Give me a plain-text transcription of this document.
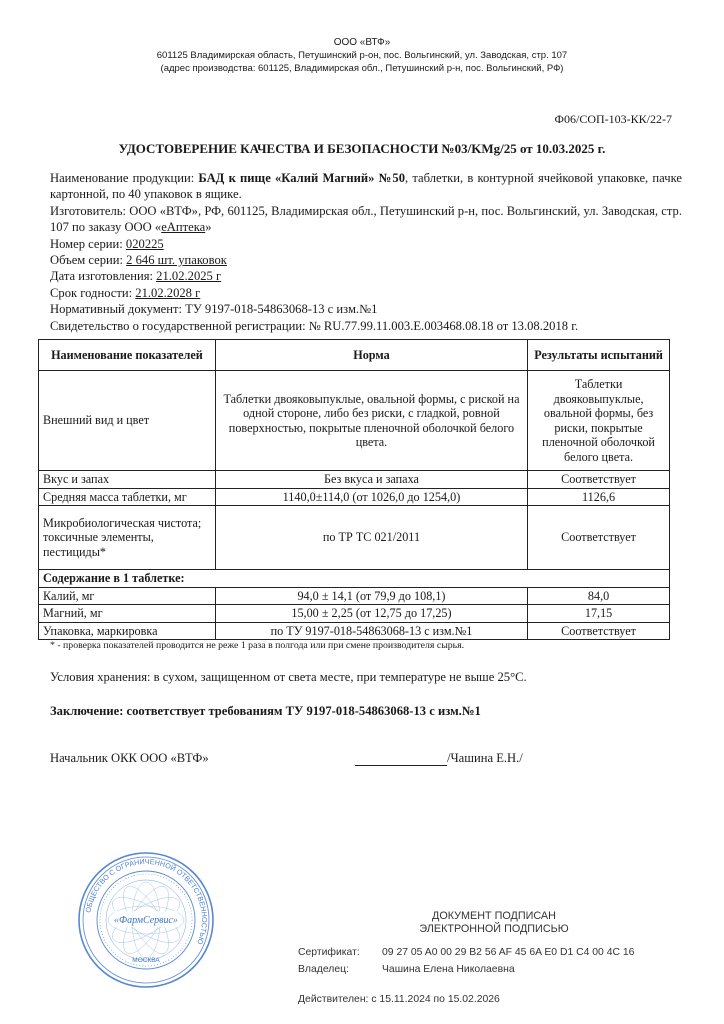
ООО «ВТФ»
601125 Владимирская область, Петушинский р-он, пос. Вольгинский, ул. Заводская, стр. 107
(адрес производства: 601125, Владимирская обл., Петушинский р-н, пос. Вольгинский, РФ)
Ф06/СОП-103-КК/22-7
УДОСТОВЕРЕНИЕ КАЧЕСТВА И БЕЗОПАСНОСТИ №03/KMg/25 от 10.03.2025 г.
Наименование продукции: БАД к пище «Калий Магний» №50, таблетки, в контурной ячейковой упаковке, пачке картонной, по 40 упаковок в ящике.
Изготовитель: ООО «ВТФ», РФ, 601125, Владимирская обл., Петушинский р-н, пос. Вольгинский, ул. Заводская, стр. 107 по заказу ООО «еАптека»
Номер серии: 020225
Объем серии: 2 646 шт. упаковок
Дата изготовления: 21.02.2025 г
Срок годности: 21.02.2028 г
Нормативный документ: ТУ 9197-018-54863068-13 с изм.№1
Свидетельство о государственной регистрации: № RU.77.99.11.003.Е.003468.08.18 от 13.08.2018 г.
Наименование показателей	Норма	Результаты испытаний
Внешний вид и цвет	Таблетки двояковыпуклые, овальной формы, с риской на одной стороне, либо без риски, с гладкой, ровной поверхностью, покрытые пленочной оболочкой белого цвета.	Таблетки двояковыпуклые, овальной формы, без риски, покрытые пленочной оболочкой белого цвета.
Вкус и запах	Без вкуса и запаха	Соответствует
Средняя масса таблетки, мг	1140,0±114,0 (от 1026,0 до 1254,0)	1126,6
Микробиологическая чистота; токсичные элементы, пестициды*	по ТР ТС 021/2011	Соответствует
Содержание в 1 таблетке:		
Калий, мг	94,0 ± 14,1 (от 79,9 до 108,1)	84,0
Магний, мг	15,00 ± 2,25 (от 12,75 до 17,25)	17,15
Упаковка, маркировка	по ТУ 9197-018-54863068-13 с изм.№1	Соответствует
* - проверка показателей проводится не реже 1 раза в полгода или при смене производителя сырья.
Условия хранения: в сухом, защищенном от света месте, при температуре не выше 25°С.
Заключение: соответствует требованиям ТУ 9197-018-54863068-13 с изм.№1
Начальник ОКК ООО «ВТФ»	/Чашина Е.Н./
ОБЩЕСТВО С ОГРАНИЧЕННОЙ ОТВЕТСТВЕННОСТЬЮ
«ФармСервис»
МОСКВА
ДОКУМЕНТ ПОДПИСАН
ЭЛЕКТРОННОЙ ПОДПИСЬЮ
Сертификат: 09 27 05 A0 00 29 B2 56 AF 45 6A E0 D1 C4 00 4C 16
Владелец:	Чашина Елена Николаевна
Действителен: с 15.11.2024 по 15.02.2026
